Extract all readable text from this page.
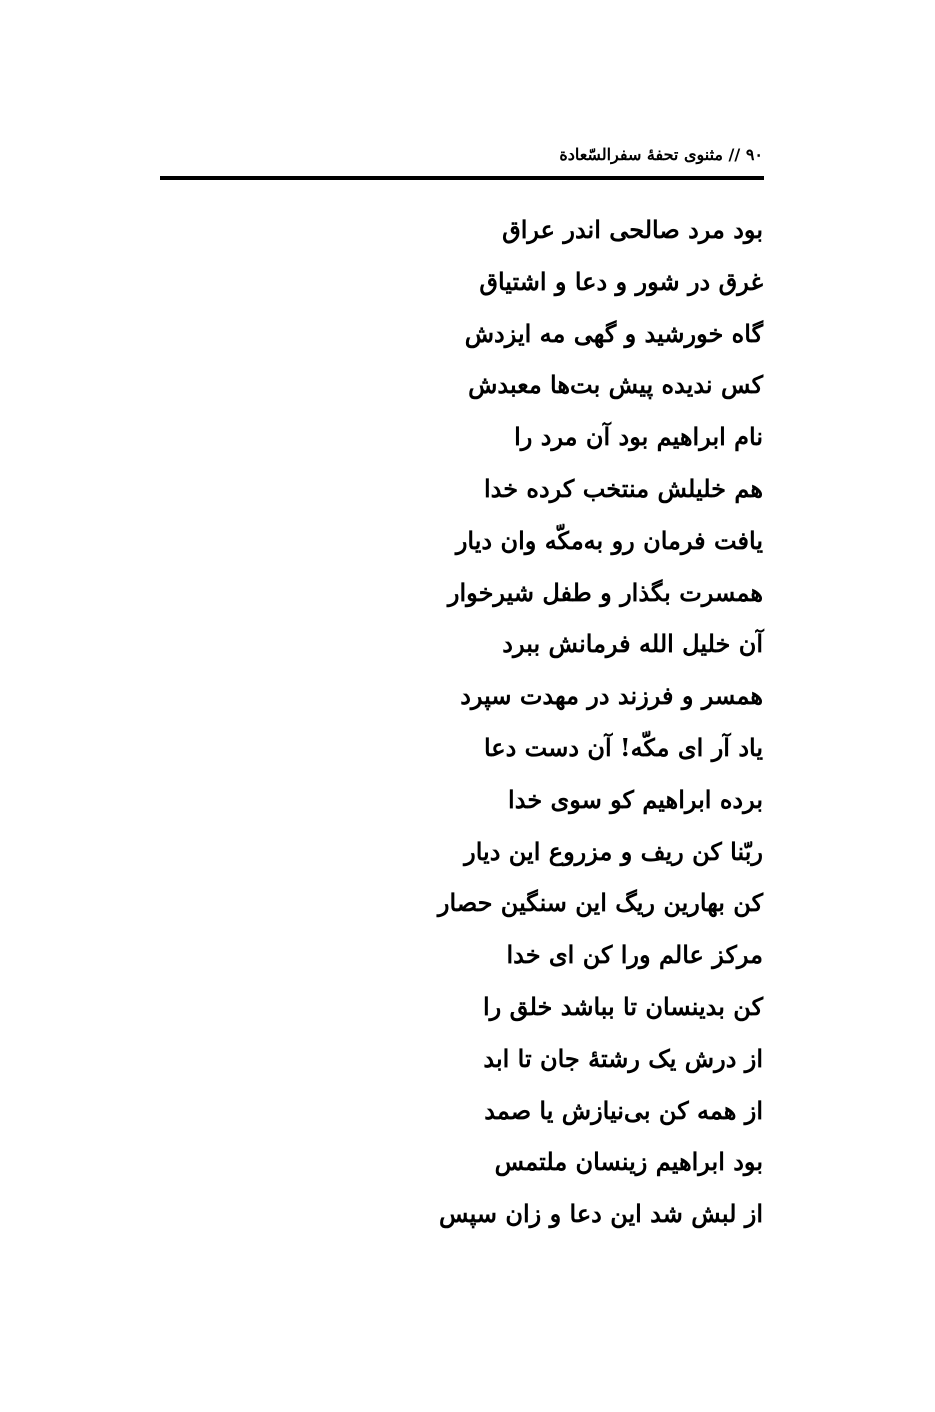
۹۰ // مثنوی تحفهٔ سفرالسّعادة
بود مرد صالحی اندر عراق
غرق در شور و دعا و اشتیاق
گاه خورشید و گهی مه ایزدش
کس ندیده پیش بت‌ها معبدش
نام ابراهیم بود آن مرد را
هم خلیلش منتخب کرده خدا
یافت فرمان رو به‌مکّه وان دیار
همسرت بگذار و طفل شیرخوار
آن خلیل الله فرمانش ببرد
همسر و فرزند در مهدت سپرد
یاد آر ای مکّه! آن دست دعا
برده ابراهیم کو سوی خدا
ربّنا کن ریف و مزروع این دیار
کن بهارین ریگ این سنگین حصار
مرکز عالم ورا کن ای خدا
کن بدینسان تا بباشد خلق را
از درش یک رشتهٔ جان تا ابد
از همه کن بی‌نیازش یا صمد
بود ابراهیم زینسان ملتمس
از لبش شد این دعا و زان سپس
